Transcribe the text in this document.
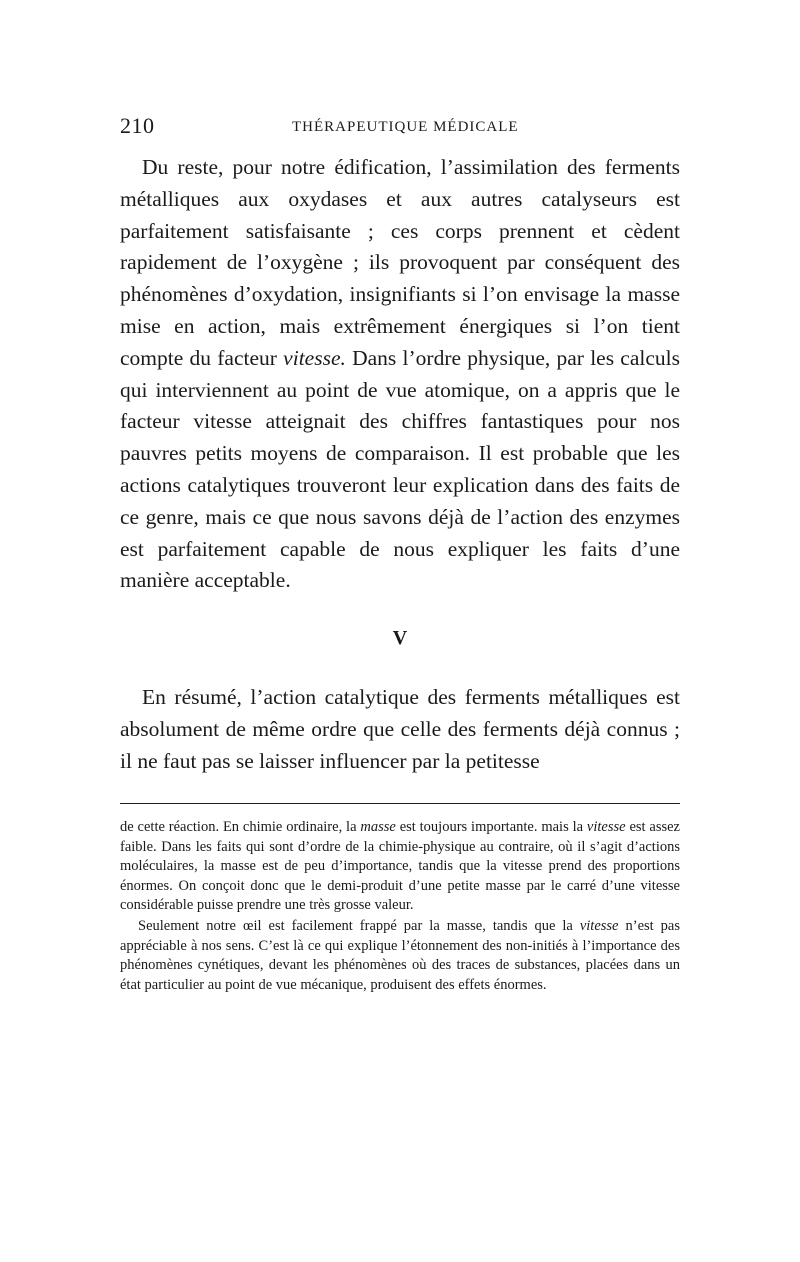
210	THÉRAPEUTIQUE MÉDICALE

Du reste, pour notre édification, l’assimilation des ferments métalliques aux oxydases et aux autres catalyseurs est parfaitement satisfaisante ; ces corps prennent et cèdent rapidement de l’oxygène ; ils provoquent par conséquent des phénomènes d’oxydation, insignifiants si l’on envisage la masse mise en action, mais extrêmement énergiques si l’on tient compte du facteur vitesse. Dans l’ordre physique, par les calculs qui interviennent au point de vue atomique, on a appris que le facteur vitesse atteignait des chiffres fantastiques pour nos pauvres petits moyens de comparaison. Il est probable que les actions catalytiques trouveront leur explication dans des faits de ce genre, mais ce que nous savons déjà de l’action des enzymes est parfaitement capable de nous expliquer les faits d’une manière acceptable.

V

En résumé, l’action catalytique des ferments métalliques est absolument de même ordre que celle des ferments déjà connus ; il ne faut pas se laisser influencer par la petitesse

de cette réaction. En chimie ordinaire, la masse est toujours importante. mais la vitesse est assez faible. Dans les faits qui sont d’ordre de la chimie-physique au contraire, où il s’agit d’actions moléculaires, la masse est de peu d’importance, tandis que la vitesse prend des proportions énormes. On conçoit donc que le demi-produit d’une petite masse par le carré d’une vitesse considérable puisse prendre une très grosse valeur.

Seulement notre œil est facilement frappé par la masse, tandis que la vitesse n’est pas appréciable à nos sens. C’est là ce qui explique l’étonnement des non-initiés à l’importance des phénomènes cynétiques, devant les phénomènes où des traces de substances, placées dans un état particulier au point de vue mécanique, produisent des effets énormes.
